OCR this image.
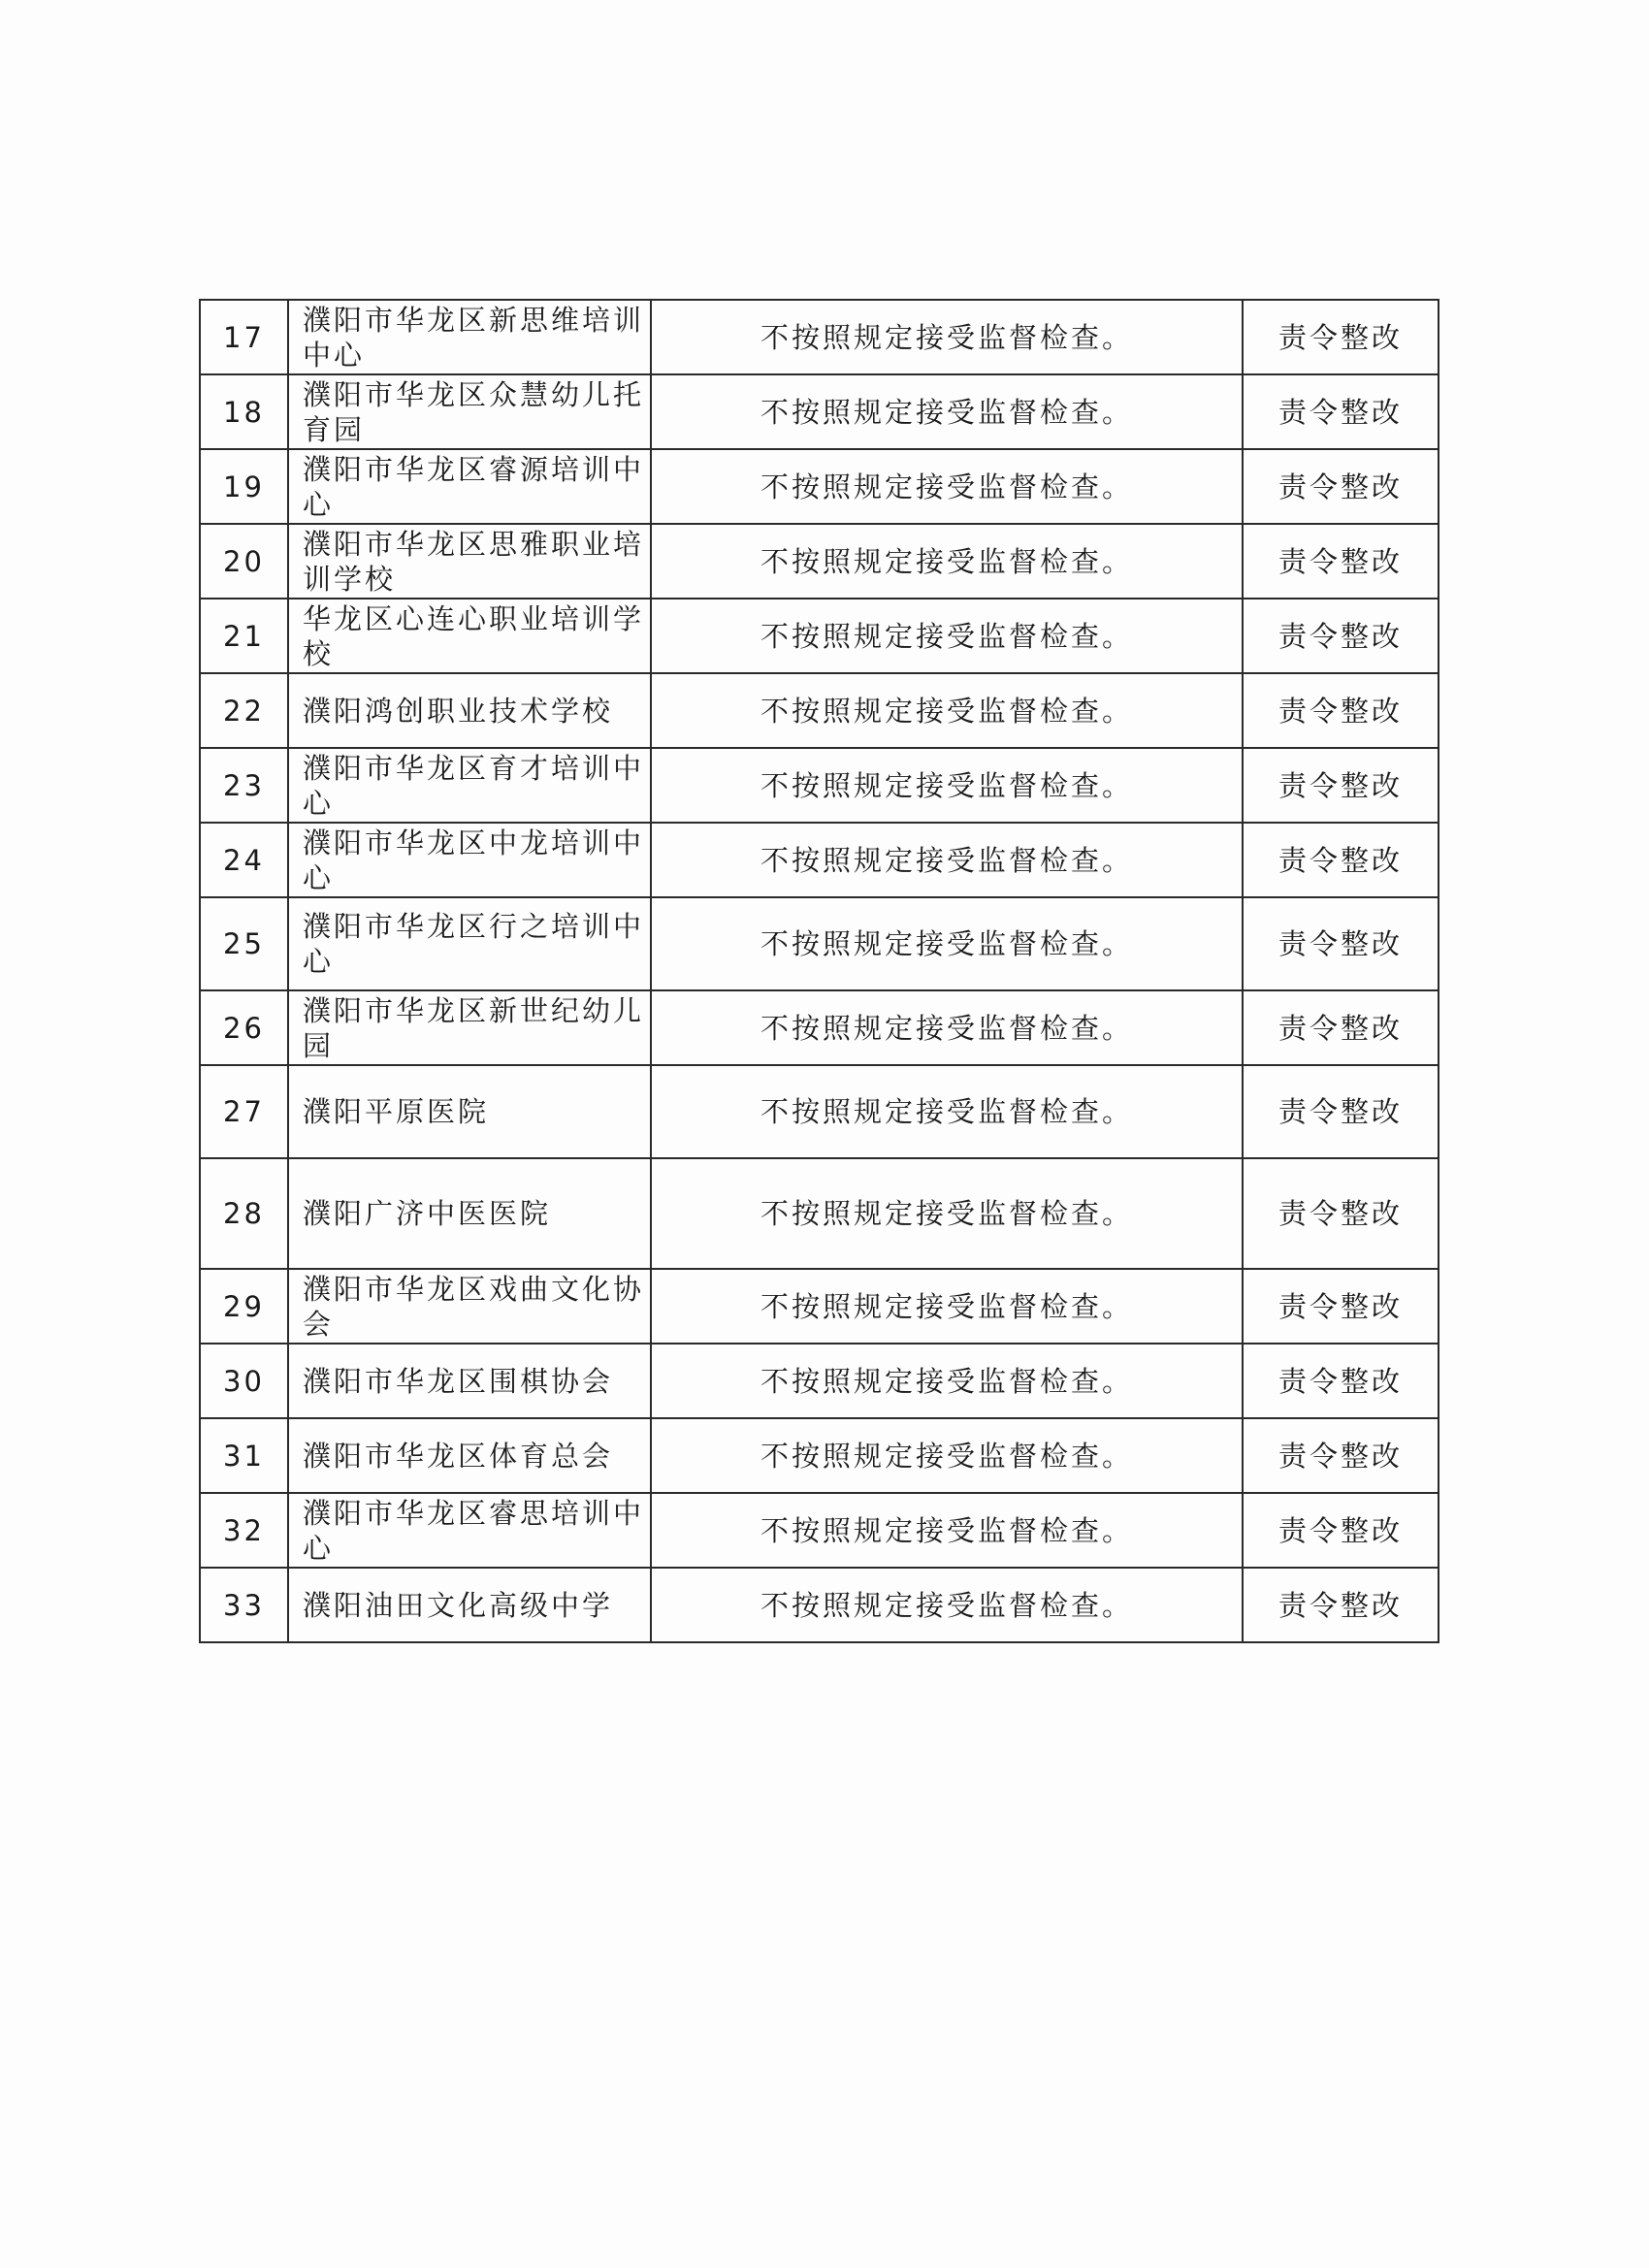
17	濮阳市华龙区新思维培训中心	不按照规定接受监督检查。	责令整改
18	濮阳市华龙区众慧幼儿托育园	不按照规定接受监督检查。	责令整改
19	濮阳市华龙区睿源培训中心	不按照规定接受监督检查。	责令整改
20	濮阳市华龙区思雅职业培训学校	不按照规定接受监督检查。	责令整改
21	华龙区心连心职业培训学校	不按照规定接受监督检查。	责令整改
22	濮阳鸿创职业技术学校	不按照规定接受监督检查。	责令整改
23	濮阳市华龙区育才培训中心	不按照规定接受监督检查。	责令整改
24	濮阳市华龙区中龙培训中心	不按照规定接受监督检查。	责令整改
25	濮阳市华龙区行之培训中心	不按照规定接受监督检查。	责令整改
26	濮阳市华龙区新世纪幼儿园	不按照规定接受监督检查。	责令整改
27	濮阳平原医院	不按照规定接受监督检查。	责令整改
28	濮阳广济中医医院	不按照规定接受监督检查。	责令整改
29	濮阳市华龙区戏曲文化协会	不按照规定接受监督检查。	责令整改
30	濮阳市华龙区围棋协会	不按照规定接受监督检查。	责令整改
31	濮阳市华龙区体育总会	不按照规定接受监督检查。	责令整改
32	濮阳市华龙区睿思培训中心	不按照规定接受监督检查。	责令整改
33	濮阳油田文化高级中学	不按照规定接受监督检查。	责令整改
